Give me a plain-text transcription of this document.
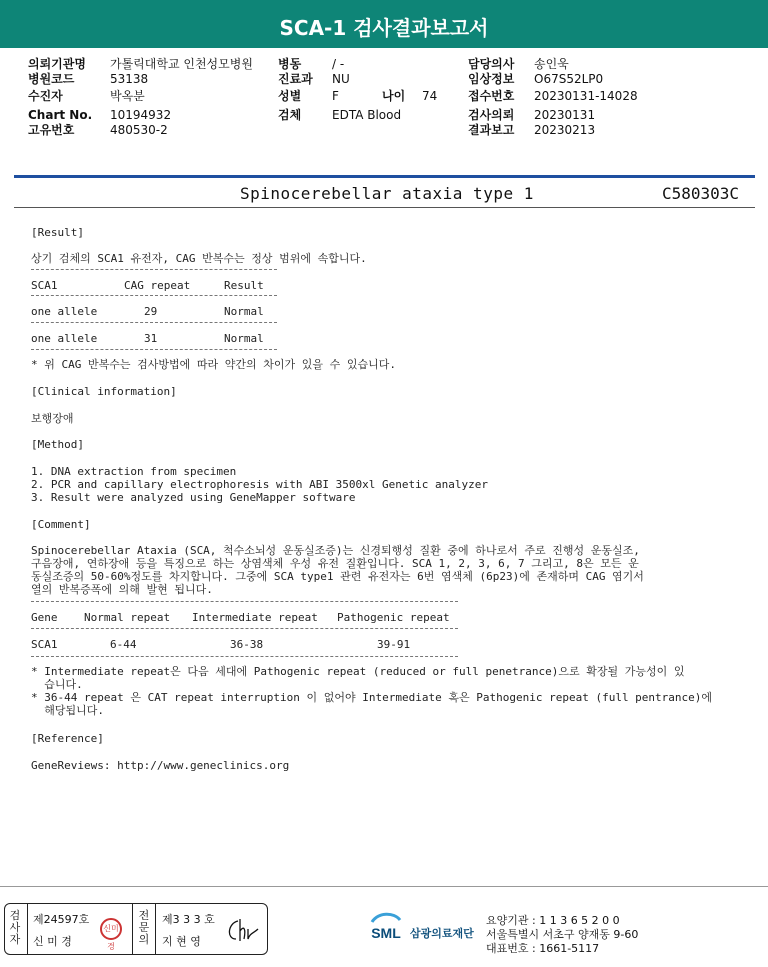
SCA-1 검사결과보고서
의뢰기관명 가톨릭대학교 인천성모병원
병원코드	53138
수진자	박옥분
Chart No. 10194932
고유번호	480530-2
병동	/ -
진료과 NU
성별	F	나이 74
검체	EDTA Blood
담당의사 송인욱
임상정보 O67S52LP0
접수번호 20230131-14028
검사의뢰 20230131
결과보고 20230213
Spinocerebellar ataxia type 1	C580303C
[Result]
상기 검체의 SCA1 유전자, CAG 반복수는 정상 범위에 속합니다.
SCA1	CAG repeat	Result
one allele	29	Normal
one allele	31	Normal
* 위 CAG 반복수는 검사방법에 따라 약간의 차이가 있을 수 있습니다.
[Clinical information]
보행장애
[Method]
1. DNA extraction from specimen
2. PCR and capillary electrophoresis with ABI 3500xl Genetic analyzer
3. Result were analyzed using GeneMapper software
[Comment]
Spinocerebellar Ataxia (SCA, 척수소뇌성 운동실조증)는 신경퇴행성 질환 중에 하나로서 주로 진행성 운동실조,
구음장애, 연하장애 등을 특징으로 하는 상염색체 우성 유전 질환입니다. SCA 1, 2, 3, 6, 7 그리고, 8은 모든 운
동실조증의 50-60%정도를 차지합니다. 그중에 SCA type1 관련 유전자는 6번 염색체 (6p23)에 존재하며 CAG 염기서
열의 반복증폭에 의해 발현 됩니다.
Gene Normal repeat Intermediate repeat Pathogenic repeat
SCA1	6-44	36-38	39-91
* Intermediate repeat은 다음 세대에 Pathogenic repeat (reduced or full penetrance)으로 확장될 가능성이 있
습니다.
* 36-44 repeat 은 CAT repeat interruption 이 없어야 Intermediate 혹은 Pathogenic repeat (full pentrance)에
해당됩니다.
[Reference]
GeneReviews: http://www.geneclinics.org
검
사
자
제24597호
신 미 경
신미경
전
문
의
제3 3 3 호
지 현 영
SML 삼광의료재단
요양기관 : 1 1 3 6 5 2 0 0
서울특별시 서초구 양재동 9-60
대표번호 : 1661-5117
